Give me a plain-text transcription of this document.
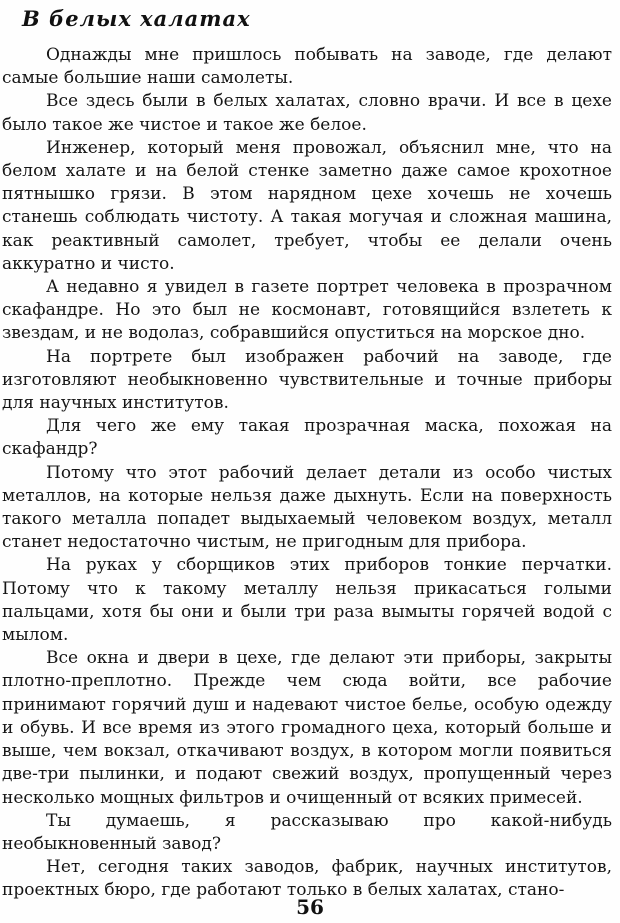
В белых халатах

Однажды мне пришлось побывать на заводе, где делают самые большие наши самолеты.

Все здесь были в белых халатах, словно врачи. И все в цехе было такое же чистое и такое же белое.

Инженер, который меня провожал, объяснил мне, что на белом халате и на белой стенке заметно даже самое крохотное пятнышко грязи. В этом нарядном цехе хочешь не хочешь станешь соблюдать чистоту. А такая могучая и сложная машина, как реактивный самолет, требует, чтобы ее делали очень аккуратно и чисто.

А недавно я увидел в газете портрет человека в прозрачном скафандре. Но это был не космонавт, готовящийся взлететь к звездам, и не водолаз, собравшийся опуститься на морское дно.

На портрете был изображен рабочий на заводе, где изготовляют необыкновенно чувствительные и точные приборы для научных институтов.

Для чего же ему такая прозрачная маска, похожая на скафандр?

Потому что этот рабочий делает детали из особо чистых металлов, на которые нельзя даже дыхнуть. Если на поверхность такого металла попадет выдыхаемый человеком воздух, металл станет недостаточно чистым, не пригодным для прибора.

На руках у сборщиков этих приборов тонкие перчатки. Потому что к такому металлу нельзя прикасаться голыми пальцами, хотя бы они и были три раза вымыты горячей водой с мылом.

Все окна и двери в цехе, где делают эти приборы, закрыты плотно-преплотно. Прежде чем сюда войти, все рабочие принимают горячий душ и надевают чистое белье, особую одежду и обувь. И все время из этого громадного цеха, который больше и выше, чем вокзал, откачивают воздух, в котором могли появиться две-три пылинки, и подают свежий воздух, пропущенный через несколько мощных фильтров и очищенный от всяких примесей.

Ты думаешь, я рассказываю про какой-нибудь необыкновенный завод?

Нет, сегодня таких заводов, фабрик, научных институтов, проектных бюро, где работают только в белых халатах, стано-

56
